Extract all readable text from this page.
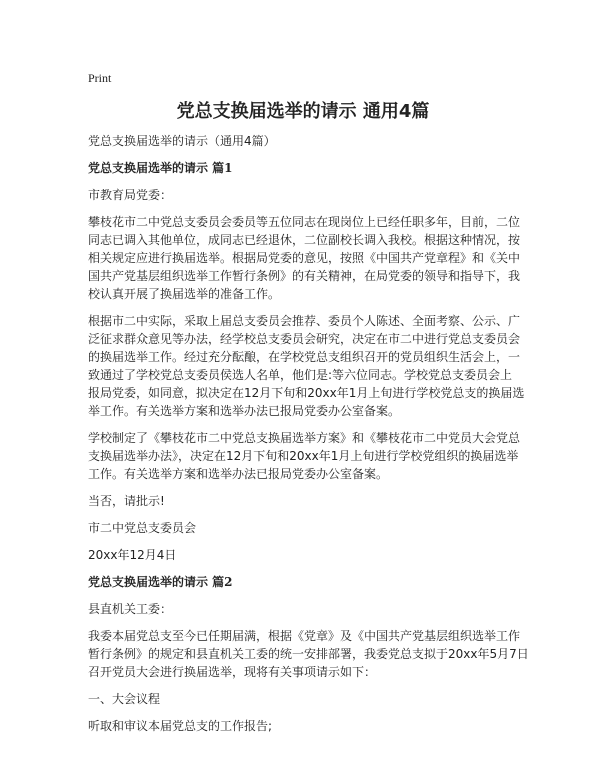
Print
党总支换届选举的请示 通用4篇

党总支换届选举的请示（通用4篇）

党总支换届选举的请示 篇1

市教育局党委：

攀枝花市二中党总支委员会委员等五位同志在现岗位上已经任职多年，目前，二位
同志已调入其他单位，成同志已经退休，二位副校长调入我校。根据这种情况，按
相关规定应进行换届选举。根据局党委的意见，按照《中国共产党章程》和《关中
国共产党基层组织选举工作暂行条例》的有关精神，在局党委的领导和指导下，我
校认真开展了换届选举的准备工作。

根据市二中实际，采取上届总支委员会推荐、委员个人陈述、全面考察、公示、广
泛征求群众意见等办法，经学校总支委员会研究，决定在市二中进行党总支委员会
的换届选举工作。经过充分酝酿，在学校党总支组织召开的党员组织生活会上，一
致通过了学校党总支委员侯选人名单，他们是:等六位同志。学校党总支委员会上
报局党委，如同意，拟决定在12月下旬和20xx年1月上旬进行学校党总支的换届选
举工作。有关选举方案和选举办法已报局党委办公室备案。

学校制定了《攀枝花市二中党总支换届选举方案》和《攀枝花市二中党员大会党总
支换届选举办法》，决定在12月下旬和20xx年1月上旬进行学校党组织的换届选举
工作。有关选举方案和选举办法已报局党委办公室备案。

当否，请批示!

市二中党总支委员会

20xx年12月4日

党总支换届选举的请示 篇2

县直机关工委：

我委本届党总支至今已任期届满，根据《党章》及《中国共产党基层组织选举工作
暂行条例》的规定和县直机关工委的统一安排部署，我委党总支拟于20xx年5月7日
召开党员大会进行换届选举，现将有关事项请示如下：

一、大会议程

听取和审议本届党总支的工作报告;
